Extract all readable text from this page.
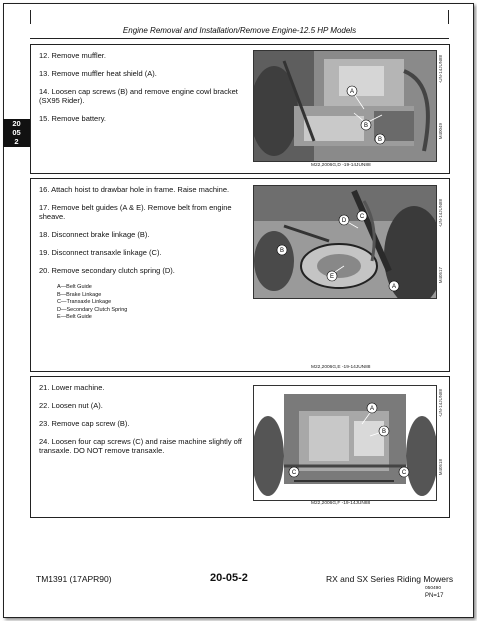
Engine Removal and Installation/Remove Engine-12.5 HP Models
20
05
2

12. Remove muffler.

13. Remove muffler heat shield (A).

14. Loosen cap screws (B) and remove engine cowl bracket (SX95 Rider).

15. Remove battery.

A
B
B
M22,2006G,D -19-14JUN88
-UN-14JUN88
M40049

16. Attach hoist to drawbar hole in frame. Raise machine.

17. Remove belt guides (A & E). Remove belt from engine sheave.

18. Disconnect brake linkage (B).

19. Disconnect transaxle linkage (C).

20. Remove secondary clutch spring (D).

A—Belt Guide
B—Brake Linkage
C—Transaxle Linkage
D—Secondary Clutch Spring
E—Belt Guide
A
B
C
D
E
M22,2006G,E -19-14JUN88
-UN-14JUN88
M40517

21. Lower machine.

22. Loosen nut (A).

23. Remove cap screw (B).

24. Loosen four cap screws (C) and raise machine slightly off transaxle. DO NOT remove transaxle.

A
B
C	C
M22,2006G,F -19-14JUN88
-UN-14JUN88
M40518
TM1391 (17APR90)	20-05-2	RX and SX Series Riding Mowers
050490
PN=17
